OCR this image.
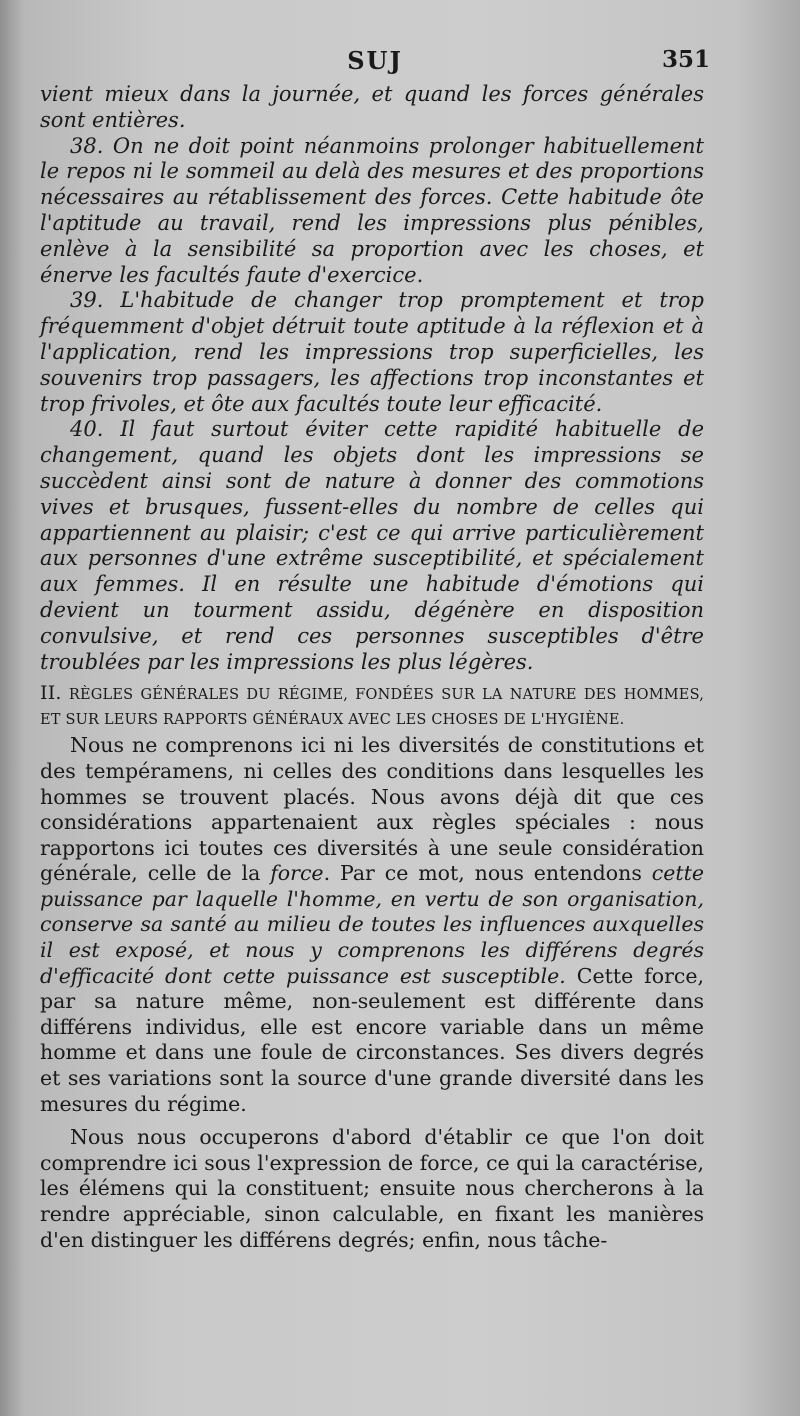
SUJ	351

vient mieux dans la journée, et quand les forces générales sont entières.

38. On ne doit point néanmoins prolonger habituellement le repos ni le sommeil au delà des mesures et des proportions nécessaires au rétablissement des forces. Cette habitude ôte l'aptitude au travail, rend les impressions plus pénibles, enlève à la sensibilité sa proportion avec les choses, et énerve les facultés faute d'exercice.

39. L'habitude de changer trop promptement et trop fréquemment d'objet détruit toute aptitude à la réflexion et à l'application, rend les impressions trop superficielles, les souvenirs trop passagers, les affections trop inconstantes et trop frivoles, et ôte aux facultés toute leur efficacité.

40. Il faut surtout éviter cette rapidité habituelle de changement, quand les objets dont les impressions se succèdent ainsi sont de nature à donner des commotions vives et brusques, fussent-elles du nombre de celles qui appartiennent au plaisir; c'est ce qui arrive particulièrement aux personnes d'une extrême susceptibilité, et spécialement aux femmes. Il en résulte une habitude d'émotions qui devient un tourment assidu, dégénère en disposition convulsive, et rend ces personnes susceptibles d'être troublées par les impressions les plus légères.

II. RÈGLES GÉNÉRALES DU RÉGIME, FONDÉES SUR LA NATURE DES HOMMES, ET SUR LEURS RAPPORTS GÉNÉRAUX AVEC LES CHOSES DE L'HYGIÈNE.

Nous ne comprenons ici ni les diversités de constitutions et des tempéramens, ni celles des conditions dans lesquelles les hommes se trouvent placés. Nous avons déjà dit que ces considérations appartenaient aux règles spéciales : nous rapportons ici toutes ces diversités à une seule considération générale, celle de la force. Par ce mot, nous entendons cette puissance par laquelle l'homme, en vertu de son organisation, conserve sa santé au milieu de toutes les influences auxquelles il est exposé, et nous y comprenons les différens degrés d'efficacité dont cette puissance est susceptible. Cette force, par sa nature même, non-seulement est différente dans différens individus, elle est encore variable dans un même homme et dans une foule de circonstances. Ses divers degrés et ses variations sont la source d'une grande diversité dans les mesures du régime.

Nous nous occuperons d'abord d'établir ce que l'on doit comprendre ici sous l'expression de force, ce qui la caractérise, les élémens qui la constituent; ensuite nous chercherons à la rendre appréciable, sinon calculable, en fixant les manières d'en distinguer les différens degrés; enfin, nous tâche-
